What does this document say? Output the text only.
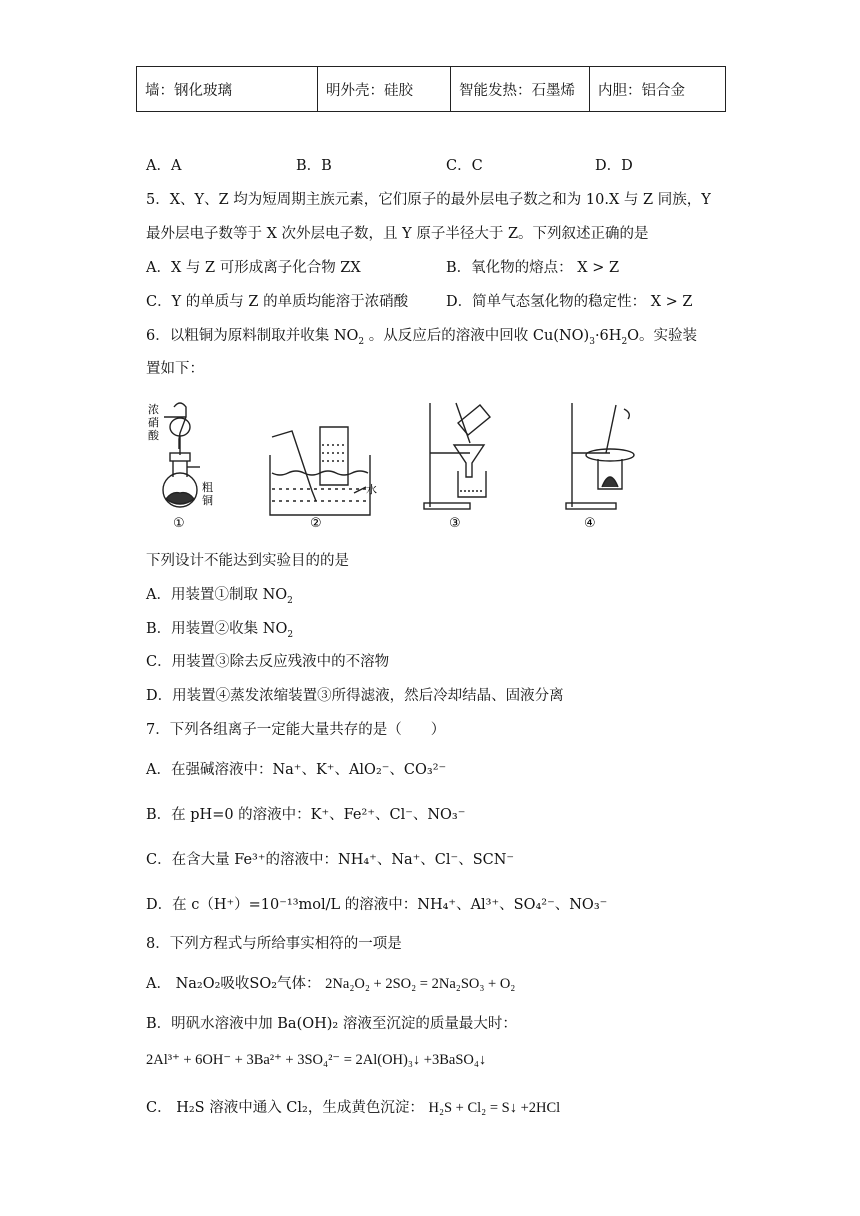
墙：钢化玻璃	明外壳：硅胶	智能发热：石墨烯	内胆：铝合金
A．A	B．B	C．C	D．D
5．X、Y、Z 均为短周期主族元素，它们原子的最外层电子数之和为 10.X 与 Z 同族，Y
最外层电子数等于 X 次外层电子数，且 Y 原子半径大于 Z。下列叙述正确的是
A．X 与 Z 可形成离子化合物 ZX	B．氧化物的熔点： X > Z
C．Y 的单质与 Z 的单质均能溶于浓硝酸	D．简单气态氢化物的稳定性： X > Z
6．以粗铜为原料制取并收集 $NO_2$ 。从反应后的溶液中回收 $Cu(NO)_3\cdot 6H_2O$。实验装
置如下：
浓
硝
酸
粗
铜
水
①	②	③	④
下列设计不能达到实验目的的是
A．用装置①制取 $NO_2$
B．用装置②收集 $NO_2$
C．用装置③除去反应残液中的不溶物
D．用装置④蒸发浓缩装置③所得滤液，然后冷却结晶、固液分离
7．下列各组离子一定能大量共存的是（　　）
A．在强碱溶液中：Na⁺、K⁺、AlO₂⁻、CO₃²⁻
B．在 pH=0 的溶液中：K⁺、Fe²⁺、Cl⁻、NO₃⁻
C．在含大量 Fe³⁺的溶液中：NH₄⁺、Na⁺、Cl⁻、SCN⁻
D．在 c（H⁺）=10⁻¹³mol/L 的溶液中：NH₄⁺、Al³⁺、SO₄²⁻、NO₃⁻
8．下列方程式与所给事实相符的一项是
A． Na₂O₂吸收SO₂气体： 2Na₂O₂ + 2SO₂ = 2Na₂SO₃ + O₂
B．明矾水溶液中加 Ba(OH)₂ 溶液至沉淀的质量最大时：
2Al³⁺ + 6OH⁻ + 3Ba²⁺ + 3SO₄²⁻ = 2Al(OH)₃↓ +3BaSO₄↓
C． H₂S 溶液中通入 Cl₂，生成黄色沉淀： H₂S + Cl₂ = S↓ +2HCl
